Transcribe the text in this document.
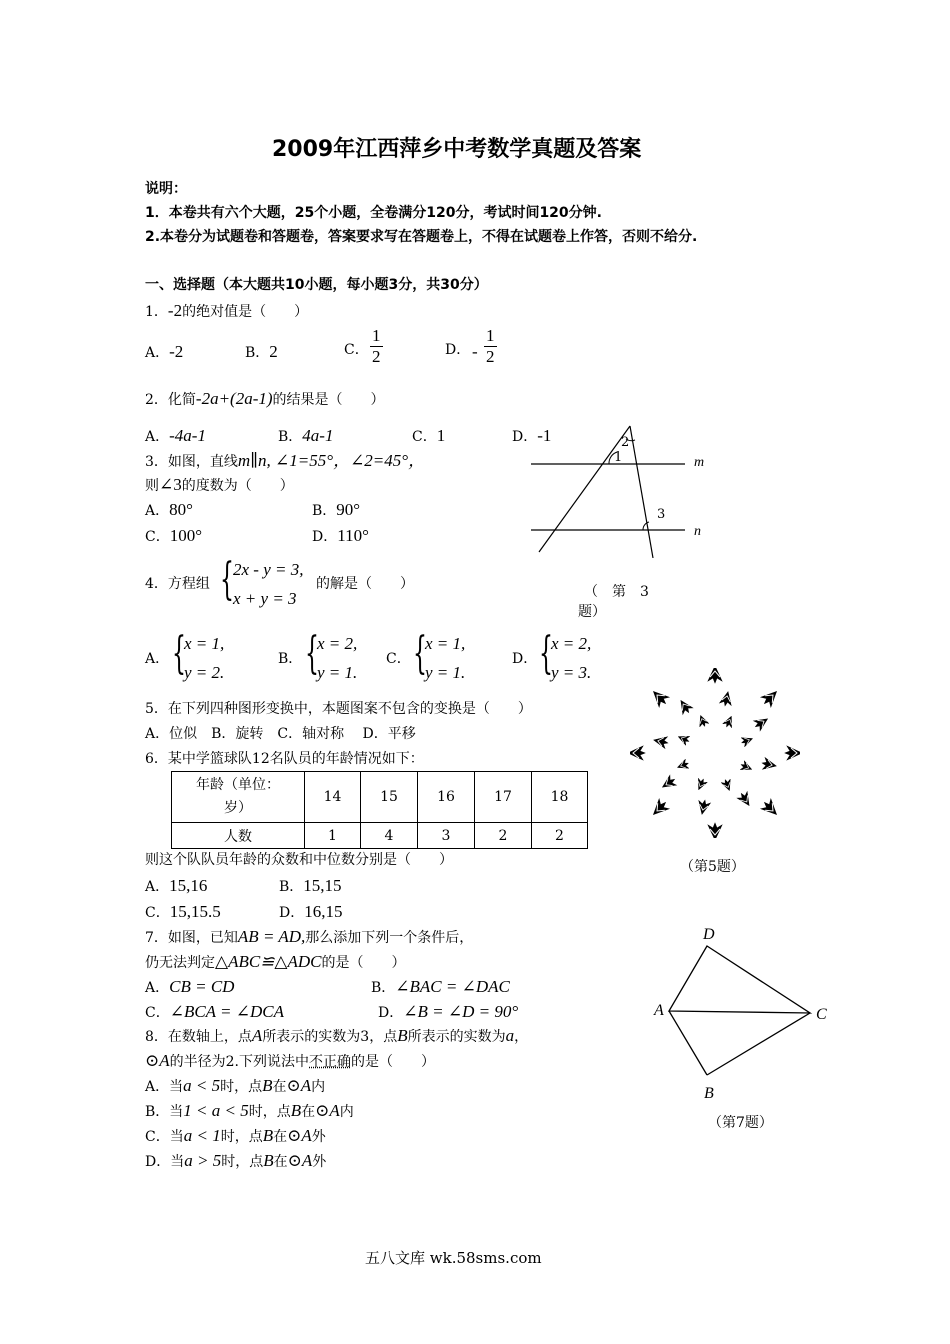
2009年江西萍乡中考数学真题及答案
说明：
1．本卷共有六个大题，25个小题，全卷满分120分，考试时间120分钟.
2.本卷分为试题卷和答题卷，答案要求写在答题卷上，不得在试题卷上作答，否则不给分.
一、选择题（本大题共10小题，每小题3分，共30分）
1．-2的绝对值是（　　）
A．-2	B．2	C． $\frac{1}{2}$	D． - $\frac{1}{2}$
2．化简-2a+(2a-1)的结果是（　　）
A．-4a-1	B．4a-1	C．1	D．-1
3．如图，直线m∥n, ∠1=55°，∠2=45°，
则∠3的度数为（　　）
A．80°	B．90°
C．100°	D．110°
2
1
3
m
n
（　第　3
题）
4．方程组 { 2x - y = 3,
x + y = 3
的解是（　　）
A． {
x = 1,
y = 2.
B． {
x = 2,
y = 1.
C． {
x = 1,
y = 1.
D． {
x = 2,
y = 3.
5．在下列四种图形变换中，本题图案不包含的变换是（　　）
A．位似　B．旋转　C．轴对称　 D．平移
（第5题）
6．某中学篮球队12名队员的年龄情况如下：
年龄（单位：
岁）	14	15	16	17	18
人数	1	4	3	2	2
则这个队队员年龄的众数和中位数分别是（　　）
A．15,16	B．15,15
C．15,15.5	D．16,15
7．如图，已知AB = AD,那么添加下列一个条件后，
仍无法判定△ABC≌△ADC的是（　　）
A．CB = CD	B．∠BAC = ∠DAC
C．∠BCA = ∠DCA	D．∠B = ∠D = 90°
D
A	C
B
（第7题）
8．在数轴上，点A所表示的实数为3，点B所表示的实数为a，
⊙A的半径为2.下列说法中不正确的是（　　）
A．当a < 5时，点B在⊙A内
B．当1 < a < 5时，点B在⊙A内
C．当a < 1时，点B在⊙A外
D．当a > 5时，点B在⊙A外
五八文库 wk.58sms.com
